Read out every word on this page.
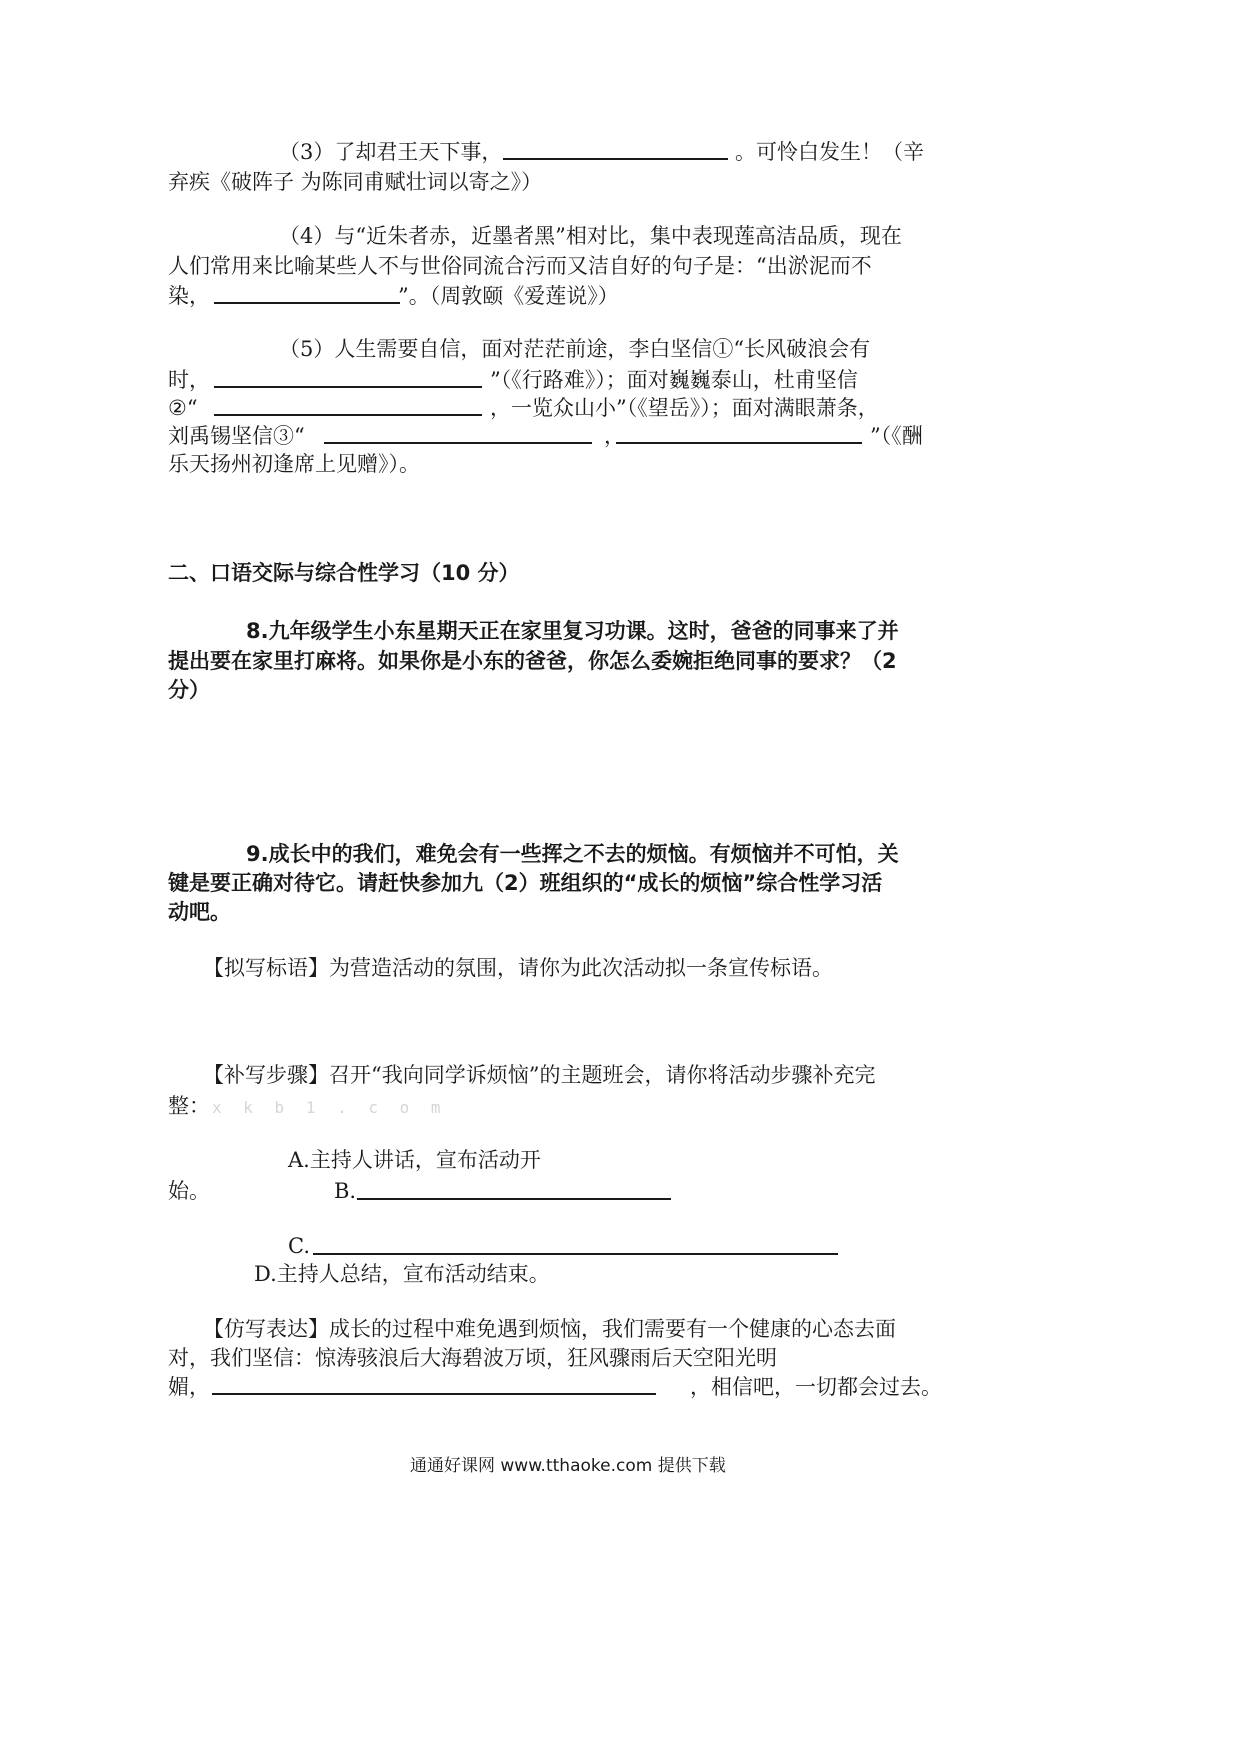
（3）了却君王天下事，	。可怜白发生！（辛
弃疾《破阵子 为陈同甫赋壮词以寄之》）
（4）与“近朱者赤，近墨者黑”相对比，集中表现莲高洁品质，现在
人们常用来比喻某些人不与世俗同流合污而又洁自好的句子是：“出淤泥而不
染，	”。（周敦颐《爱莲说》）
（5）人生需要自信，面对茫茫前途，李白坚信①“长风破浪会有
时，	”（《行路难》）；面对巍巍泰山，杜甫坚信
②“	，一览众山小”（《望岳》）；面对满眼萧条，
刘禹锡坚信③“	，	”（《酬
乐天扬州初逢席上见赠》）。
二、口语交际与综合性学习（10 分）
8.九年级学生小东星期天正在家里复习功课。这时，爸爸的同事来了并
提出要在家里打麻将。如果你是小东的爸爸，你怎么委婉拒绝同事的要求？（2
分）
9.成长中的我们，难免会有一些挥之不去的烦恼。有烦恼并不可怕，关
键是要正确对待它。请赶快参加九（2）班组织的“成长的烦恼”综合性学习活
动吧。
【拟写标语】为营造活动的氛围，请你为此次活动拟一条宣传标语。
【补写步骤】召开“我向同学诉烦恼”的主题班会，请你将活动步骤补充完
整： x k b 1 . c o m
A.主持人讲话，宣布活动开
始。	B.
C.
D.主持人总结，宣布活动结束。
【仿写表达】成长的过程中难免遇到烦恼，我们需要有一个健康的心态去面
对，我们坚信：惊涛骇浪后大海碧波万顷，狂风骤雨后天空阳光明
媚，	，相信吧，一切都会过去。
通通好课网 www.tthaoke.com 提供下载
